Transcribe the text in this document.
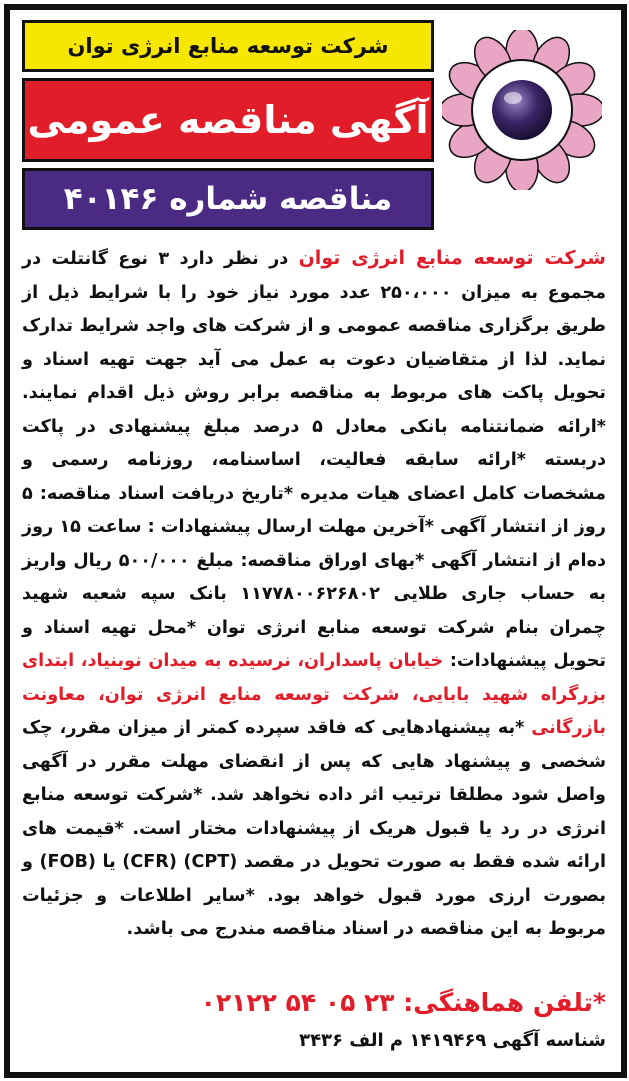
شرکت توسعه منابع انرژی توان
آگهی مناقصه عمومی
مناقصه شماره ۴۰۱۴۶
شرکت توسعه منابع انرژی توان در نظر دارد ۳ نوع گانتلت در مجموع به میزان ۲۵۰،۰۰۰ عدد مورد نیاز خود را با شرایط ذیل از طریق برگزاری مناقصه عمومی و از شرکت های واجد شرایط تدارک نماید. لذا از متقاضیان دعوت به عمل می آید جهت تهیه اسناد و تحویل پاکت های مربوط به مناقصه برابر روش ذیل اقدام نمایند. *ارائه ضمانتنامه بانکی معادل ۵ درصد مبلغ پیشنهادی در پاکت دربسته *ارائه سابقه فعالیت، اساسنامه، روزنامه رسمی و مشخصات کامل اعضای هیات مدیره *تاریخ دریافت اسناد مناقصه: ۵ روز از انتشار آگهی *آخرین مهلت ارسال پیشنهادات : ساعت ۱۵ روز ده‌ام از انتشار آگهی *بهای اوراق مناقصه: مبلغ ۵۰۰/۰۰۰ ریال واریز به حساب جاری طلایی ۱۱۷۷۸۰۰۶۲۶۸۰۲ بانک سپه شعبه شهید چمران بنام شرکت توسعه منابع انرژی توان *محل تهیه اسناد و تحویل پیشنهادات: خیابان پاسداران، نرسیده به میدان نوبنیاد، ابتدای بزرگراه شهید بابایی، شرکت توسعه منابع انرژی توان، معاونت بازرگانی *به پیشنهادهایی که فاقد سپرده کمتر از میزان مقرر، چک شخصی و پیشنهاد هایی که پس از انقضای مهلت مقرر در آگهی واصل شود مطلقا ترتیب اثر داده نخواهد شد. *شرکت توسعه منابع انرژی در رد یا قبول هریک از پیشنهادات مختار است. *قیمت های ارائه شده فقط به صورت تحویل در مقصد (CPT) (CFR) یا (FOB) و بصورت ارزی مورد قبول خواهد بود. *سایر اطلاعات و جزئیات مربوط به این مناقصه در اسناد مناقصه مندرج می باشد.
*تلفن هماهنگی: ۰۲۱۲۲ ۵۴ ۰۵ ۲۳
شناسه آگهی ۱۴۱۹۴۶۹ م الف ۳۴۳۶
